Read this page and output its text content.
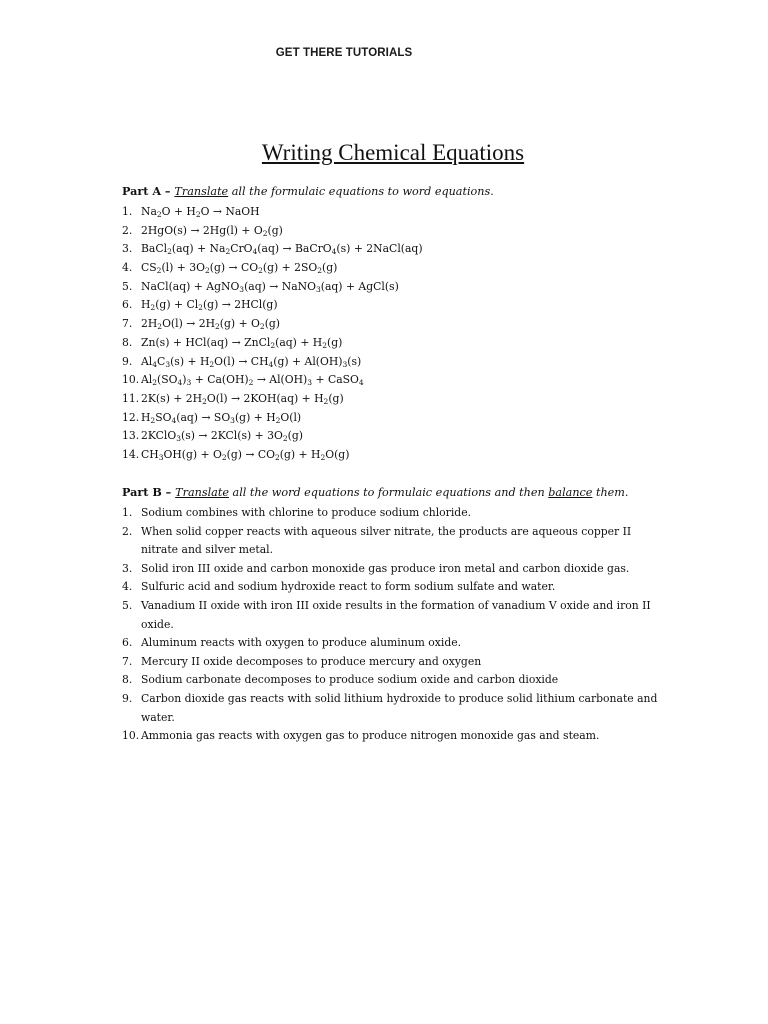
GET THERE TUTORIALS
Writing Chemical Equations
Part A – Translate all the formulaic equations to word equations.
1. $Na_2O + H_2O$ → NaOH
2. $2HgO(s) \to 2Hg(l) + O_2(g)$
3. BaCl$_2$(aq) + $Na_2CrO_4(aq)$ → BaCrO$_4$(s) + 2NaCl(aq)
4. $CS_2(l) + 3O_2(g) \to CO_2(g) + 2SO_2(g)$
5. NaCl(aq) + AgNO$_3$(aq) → NaNO$_3$(aq) + AgCl(s)
6. $H_2(g) + Cl_2(g) \to 2HCl(g)$
7. $2H_2O(l) \to 2H_2(g) + O_2(g)$
8. Zn(s) + HCl(aq) → ZnCl$_2$(aq) + $H_2(g)$
9. $Al_4C_3(s) + H_2O(l) \to CH_4(g) + Al(OH)_3(s)$
10. $Al_2(SO_4)_3 + Ca(OH)_2 \to Al(OH)_3$ + CaSO$_4$
11. $2K(s) + 2H_2O(l) \to 2KOH(aq) + H_2(g)$
12. $H_2SO_4(aq) \to SO_3(g) + H_2O(l)$
13. 2KClO$_3$(s) → $2KCl(s) + 3O_2(g)$
14. $CH_3OH(g) + O_2(g) \to CO_2(g) + H_2O(g)$
Part B – Translate all the word equations to formulaic equations and then balance them.
1. Sodium combines with chlorine to produce sodium chloride.
2. When solid copper reacts with aqueous silver nitrate, the products are aqueous copper II nitrate and silver metal.
3. Solid iron III oxide and carbon monoxide gas produce iron metal and carbon dioxide gas.
4. Sulfuric acid and sodium hydroxide react to form sodium sulfate and water.
5. Vanadium II oxide with iron III oxide results in the formation of vanadium V oxide and iron II oxide.
6. Aluminum reacts with oxygen to produce aluminum oxide.
7. Mercury II oxide decomposes to produce mercury and oxygen
8. Sodium carbonate decomposes to produce sodium oxide and carbon dioxide
9. Carbon dioxide gas reacts with solid lithium hydroxide to produce solid lithium carbonate and water.
10. Ammonia gas reacts with oxygen gas to produce nitrogen monoxide gas and steam.
